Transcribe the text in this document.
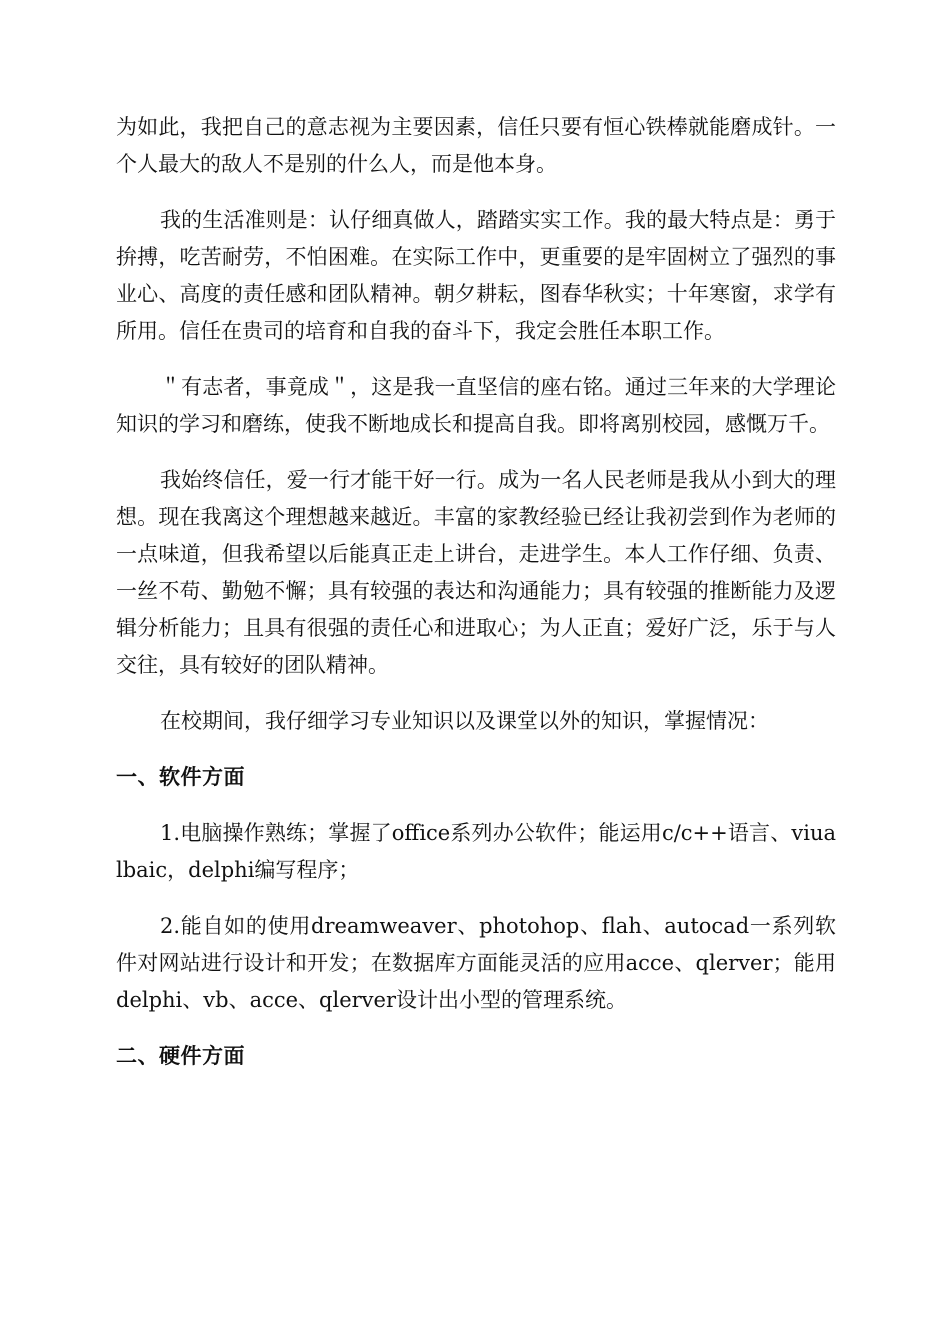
为如此，我把自己的意志视为主要因素，信任只要有恒心铁棒就能磨成针。一个人最大的敌人不是别的什么人，而是他本身。

我的生活准则是：认仔细真做人，踏踏实实工作。我的最大特点是：勇于拚搏，吃苦耐劳，不怕困难。在实际工作中，更重要的是牢固树立了强烈的事业心、高度的责任感和团队精神。朝夕耕耘，图春华秋实；十年寒窗，求学有所用。信任在贵司的培育和自我的奋斗下，我定会胜任本职工作。

＂有志者，事竟成＂，这是我一直坚信的座右铭。通过三年来的大学理论知识的学习和磨练，使我不断地成长和提高自我。即将离别校园，感慨万千。

我始终信任，爱一行才能干好一行。成为一名人民老师是我从小到大的理想。现在我离这个理想越来越近。丰富的家教经验已经让我初尝到作为老师的一点味道，但我希望以后能真正走上讲台，走进学生。本人工作仔细、负责、一丝不苟、勤勉不懈；具有较强的表达和沟通能力；具有较强的推断能力及逻辑分析能力；且具有很强的责任心和进取心；为人正直；爱好广泛，乐于与人交往，具有较好的团队精神。

在校期间，我仔细学习专业知识以及课堂以外的知识，掌握情况：

一、软件方面

1.电脑操作熟练；掌握了office系列办公软件；能运用c/c++语言、viualbaic，delphi编写程序；

2.能自如的使用dreamweaver、photohop、flah、autocad一系列软件对网站进行设计和开发；在数据库方面能灵活的应用acce、qlerver；能用delphi、vb、acce、qlerver设计出小型的管理系统。

二、硬件方面
